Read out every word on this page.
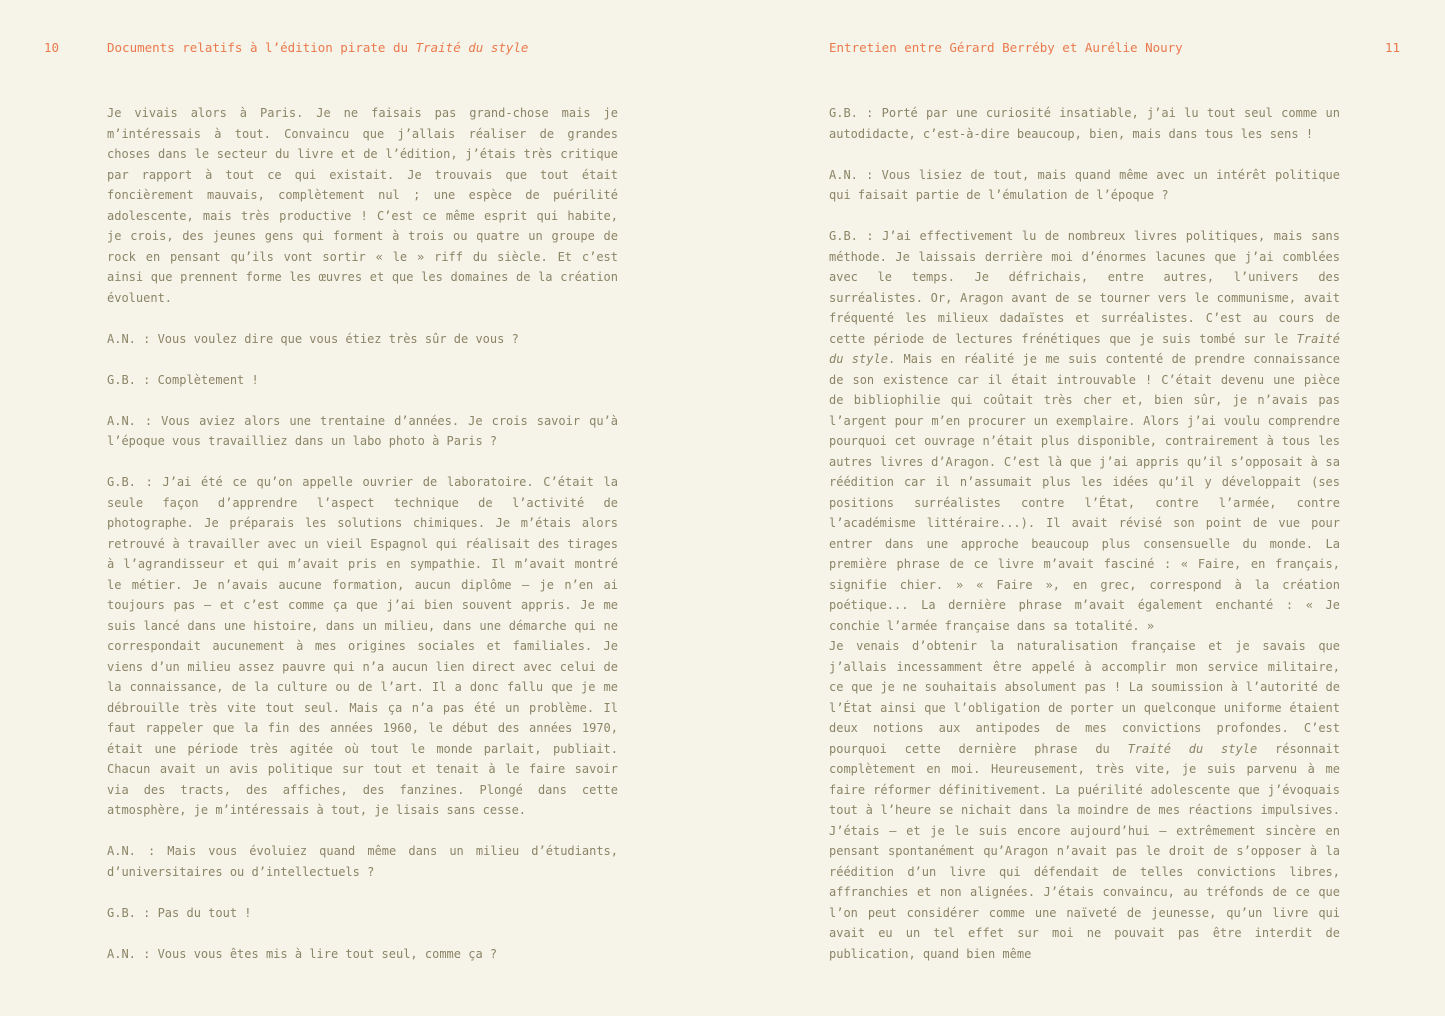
10	Documents relatifs à l’édition pirate du Traité du style	Entretien entre Gérard Berréby et Aurélie Noury	11

Je vivais alors à Paris. Je ne faisais pas grand-chose mais je m’intéressais à tout. Convaincu que j’allais réaliser de grandes choses dans le secteur du livre et de l’édition, j’étais très critique par rapport à tout ce qui existait. Je trouvais que tout était foncièrement mauvais, complètement nul ; une espèce de puérilité adolescente, mais très productive ! C’est ce même esprit qui habite, je crois, des jeunes gens qui forment à trois ou quatre un groupe de rock en pensant qu’ils vont sortir « le » riff du siècle. Et c’est ainsi que prennent forme les œuvres et que les domaines de la création évoluent.

A.N. : Vous voulez dire que vous étiez très sûr de vous ?

G.B. : Complètement !

A.N. : Vous aviez alors une trentaine d’années. Je crois savoir qu’à l’époque vous travailliez dans un labo photo à Paris ?

G.B. : J’ai été ce qu’on appelle ouvrier de laboratoire. C’était la seule façon d’apprendre l’aspect technique de l’activité de photographe. Je préparais les solutions chimiques. Je m’étais alors retrouvé à travailler avec un vieil Espagnol qui réalisait des tirages à l’agrandisseur et qui m’avait pris en sympathie. Il m’avait montré le métier. Je n’avais aucune formation, aucun diplôme — je n’en ai toujours pas — et c’est comme ça que j’ai bien souvent appris. Je me suis lancé dans une histoire, dans un milieu, dans une démarche qui ne correspondait aucunement à mes origines sociales et familiales. Je viens d’un milieu assez pauvre qui n’a aucun lien direct avec celui de la connaissance, de la culture ou de l’art. Il a donc fallu que je me débrouille très vite tout seul. Mais ça n’a pas été un problème. Il faut rappeler que la fin des années 1960, le début des années 1970, était une période très agitée où tout le monde parlait, publiait. Chacun avait un avis politique sur tout et tenait à le faire savoir via des tracts, des affiches, des fanzines. Plongé dans cette atmosphère, je m’intéressais à tout, je lisais sans cesse.

A.N. : Mais vous évoluiez quand même dans un milieu d’étudiants, d’universitaires ou d’intellectuels ?

G.B. : Pas du tout !

A.N. : Vous vous êtes mis à lire tout seul, comme ça ?

G.B. : Porté par une curiosité insatiable, j’ai lu tout seul comme un autodidacte, c’est-à-dire beaucoup, bien, mais dans tous les sens !

A.N. : Vous lisiez de tout, mais quand même avec un intérêt politique qui faisait partie de l’émulation de l’époque ?

G.B. : J’ai effectivement lu de nombreux livres politiques, mais sans méthode. Je laissais derrière moi d’énormes lacunes que j’ai comblées avec le temps. Je défrichais, entre autres, l’univers des surréalistes. Or, Aragon avant de se tourner vers le communisme, avait fréquenté les milieux dadaïstes et surréalistes. C’est au cours de cette période de lectures frénétiques que je suis tombé sur le Traité du style. Mais en réalité je me suis contenté de prendre connaissance de son existence car il était introuvable ! C’était devenu une pièce de bibliophilie qui coûtait très cher et, bien sûr, je n’avais pas l’argent pour m’en procurer un exemplaire. Alors j’ai voulu comprendre pourquoi cet ouvrage n’était plus disponible, contrairement à tous les autres livres d’Aragon. C’est là que j’ai appris qu’il s’opposait à sa réédition car il n’assumait plus les idées qu’il y développait (ses positions surréalistes contre l’État, contre l’armée, contre l’académisme littéraire...). Il avait révisé son point de vue pour entrer dans une approche beaucoup plus consensuelle du monde. La première phrase de ce livre m’avait fasciné : « Faire, en français, signifie chier. » « Faire », en grec, correspond à la création poétique... La dernière phrase m’avait également enchanté : « Je conchie l’armée française dans sa totalité. »

Je venais d’obtenir la naturalisation française et je savais que j’allais incessamment être appelé à accomplir mon service militaire, ce que je ne souhaitais absolument pas ! La soumission à l’autorité de l’État ainsi que l’obligation de porter un quelconque uniforme étaient deux notions aux antipodes de mes convictions profondes. C’est pourquoi cette dernière phrase du Traité du style résonnait complètement en moi. Heureusement, très vite, je suis parvenu à me faire réformer définitivement. La puérilité adolescente que j’évoquais tout à l’heure se nichait dans la moindre de mes réactions impulsives. J’étais — et je le suis encore aujourd’hui — extrêmement sincère en pensant spontanément qu’Aragon n’avait pas le droit de s’opposer à la réédition d’un livre qui défendait de telles convictions libres, affranchies et non alignées. J’étais convaincu, au tréfonds de ce que l’on peut considérer comme une naïveté de jeunesse, qu’un livre qui avait eu un tel effet sur moi ne pouvait pas être interdit de publication, quand bien même
